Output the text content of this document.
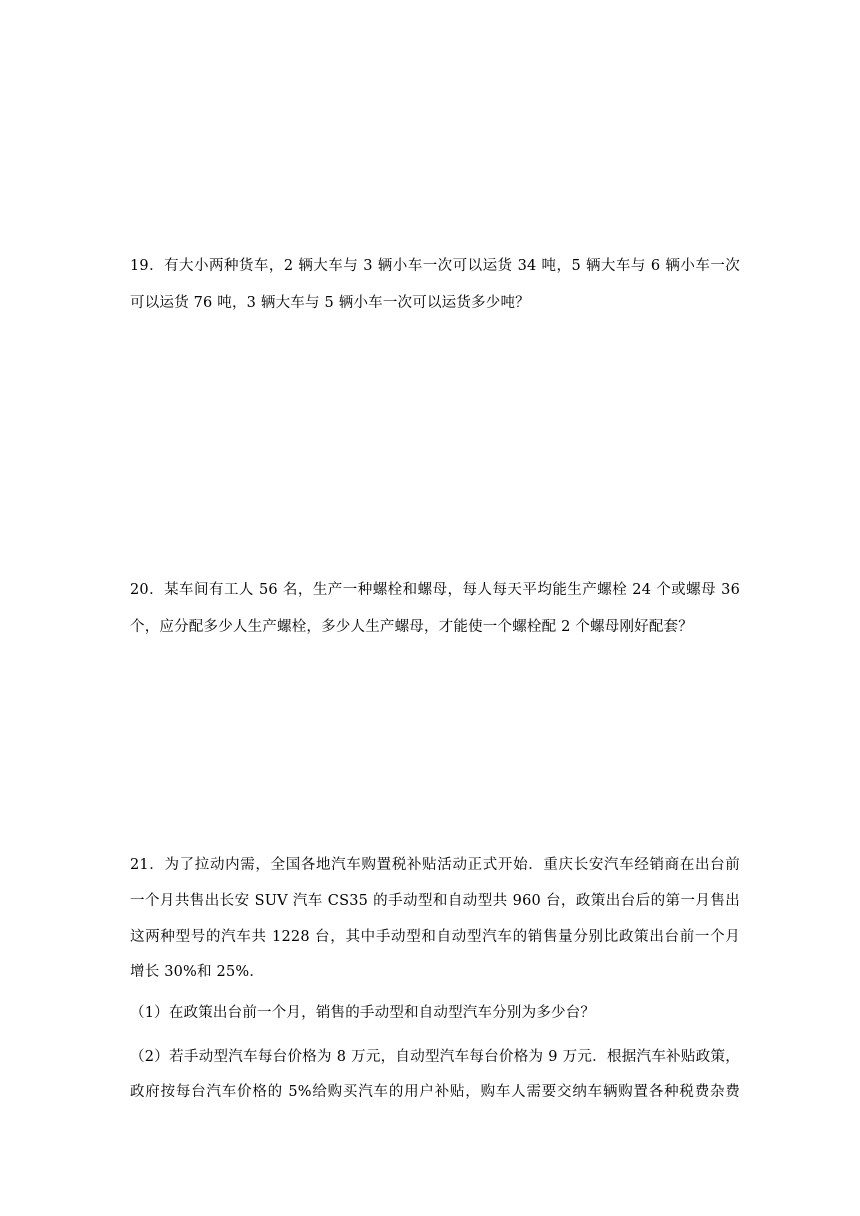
19．有大小两种货车，2 辆大车与 3 辆小车一次可以运货 34 吨，5 辆大车与 6 辆小车一次
可以运货 76 吨，3 辆大车与 5 辆小车一次可以运货多少吨？
20．某车间有工人 56 名，生产一种螺栓和螺母，每人每天平均能生产螺栓 24 个或螺母 36
个，应分配多少人生产螺栓，多少人生产螺母，才能使一个螺栓配 2 个螺母刚好配套？
21．为了拉动内需，全国各地汽车购置税补贴活动正式开始．重庆长安汽车经销商在出台前
一个月共售出长安 SUV 汽车 CS35 的手动型和自动型共 960 台，政策出台后的第一月售出
这两种型号的汽车共 1228 台，其中手动型和自动型汽车的销售量分别比政策出台前一个月
增长 30%和 25%．
（1）在政策出台前一个月，销售的手动型和自动型汽车分别为多少台？
（2）若手动型汽车每台价格为 8 万元，自动型汽车每台价格为 9 万元．根据汽车补贴政策，
政府按每台汽车价格的 5%给购买汽车的用户补贴，购车人需要交纳车辆购置各种税费杂费
